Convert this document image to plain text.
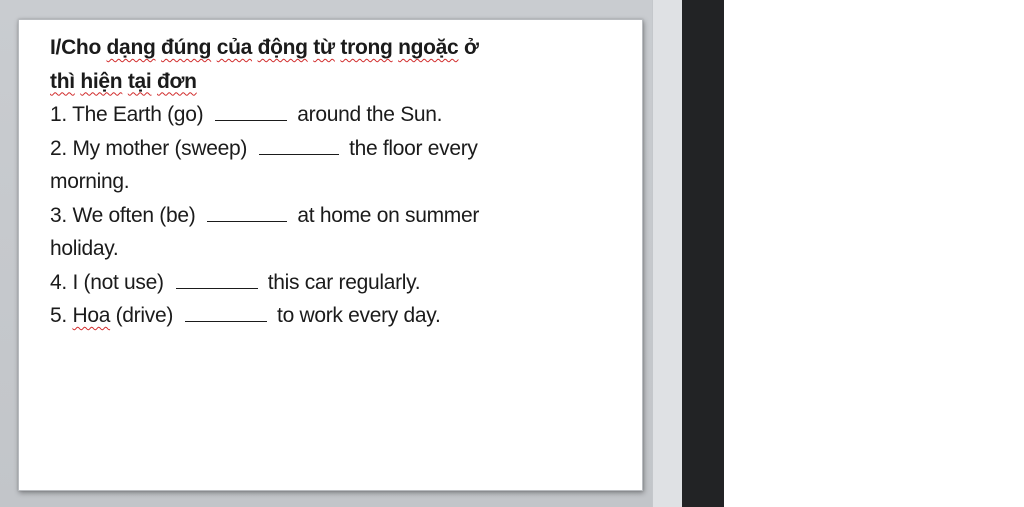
I/Cho dạng đúng của động từ trong ngoặc ở
thì hiện tại đơn
1. The Earth (go)	around the Sun.
2. My mother (sweep)	the floor every
morning.
3. We often (be)	at home on summer
holiday.
4. I (not use)	this car regularly.
5. Hoa (drive)	to work every day.
